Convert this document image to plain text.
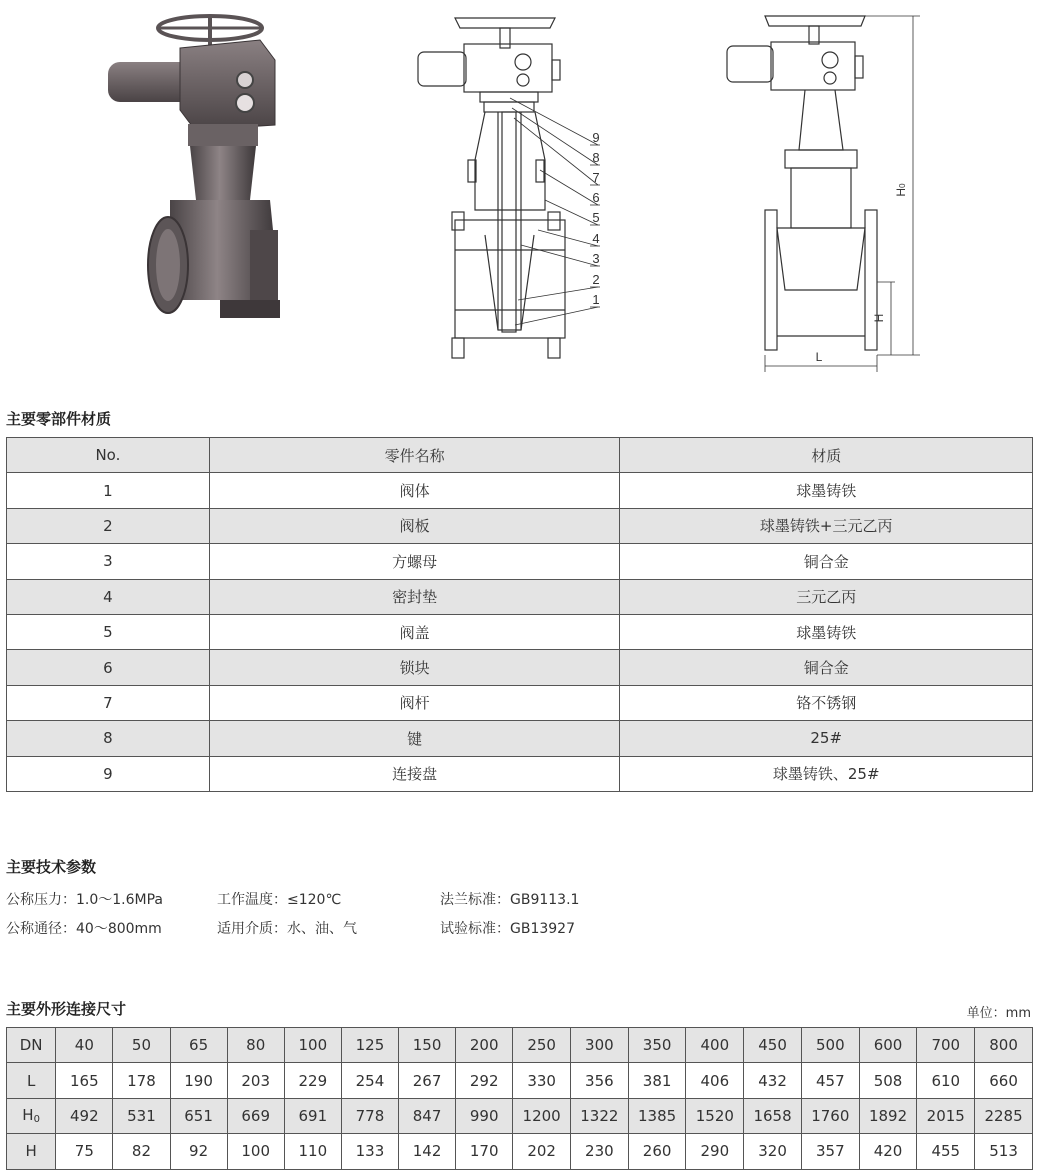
9
8
7
6
5
4
3
2
1
H0
H
L
主要零部件材质
No.	零件名称	材质
1	阀体	球墨铸铁
2	阀板	球墨铸铁+三元乙丙
3	方螺母	铜合金
4	密封垫	三元乙丙
5	阀盖	球墨铸铁
6	锁块	铜合金
7	阀杆	铬不锈钢
8	键	25#
9	连接盘	球墨铸铁、25#
主要技术参数
公称压力：1.0～1.6MPa	工作温度：≤120℃	法兰标准：GB9113.1
公称通径：40～800mm	适用介质：水、油、气	试验标准：GB13927
主要外形连接尺寸	单位：mm
DN	40	50	65	80	100	125	150	200	250	300	350	400	450	500	600	700	800
L	165	178	190	203	229	254	267	292	330	356	381	406	432	457	508	610	660
H0	492	531	651	669	691	778	847	990	1200	1322	1385	1520	1658	1760	1892	2015	2285
H	75	82	92	100	110	133	142	170	202	230	260	290	320	357	420	455	513
